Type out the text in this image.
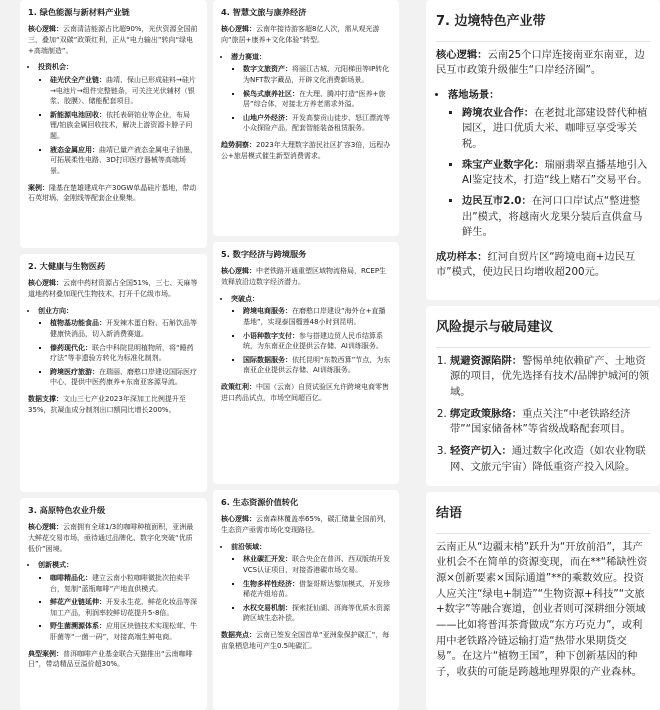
1. 绿色能源与新材料产业链

核心逻辑：云南清洁能源占比超90%，光伏资源全国前三，叠加“双碳”政策红利，正从“电力输出”转向“绿电+高端制造”。

• 投资机会：
▪ 硅光伏全产业链：曲靖、保山已形成硅料→硅片→电池片→组件完整链条，可关注光伏辅材（银浆、胶膜）、储能配套项目。
▪ 新能源电池回收：依托表研铂业等企业，布局锂/铂族金属回收技术，解决上游资源卡脖子问题。
▪ 液态金属应用：曲靖已量产液态金属电子油墨，可拓展柔性电路、3D打印医疗器械等高端场景。

案例：隆基在楚雄建成年产30GW单晶硅片基地，带动石英坩埚、金刚线等配套企业聚集。

2. 大健康与生物医药

核心逻辑：云南中药材资源占全国51%，三七、天麻等道地药材叠加现代生物技术，打开千亿级市场。

• 创业方向：
▪ 植物基功能食品：开发辣木蛋白粉、石斛饮品等健康快消品，切入新消费赛道。
▪ 傣药现代化：联合中科院昆明植物所，将“睡药疗法”等非遗验方转化为标准化制剂。
▪ 跨境医疗旅游：在瑞丽、磨憨口岸建设国际医疗中心，提供中医药康养+东南亚客源导流。

数据支撑：文山三七产业2023年深加工比例提升至35%，抗凝血成分制剂出口额同比增长200%。

3. 高原特色农业升级

核心逻辑：云南拥有全球1/3的咖啡种植面积，亚洲最大鲜花交易市场，亟待通过品牌化、数字化突破“优质低价”困境。

• 创新模式：
▪ 咖啡精品化：建立云南小粒咖啡微批次拍卖平台，复制“蓝瓶咖啡”产地直供模式。
▪ 鲜花产业链延伸：开发永生花、鲜花化妆品等深加工产品，利润率较鲜切花提升5-8倍。
▪ 野生菌溯源体系：应用区块链技术实现松茸、牛肝菌等“一菌一码”，对接高端生鲜电商。

典型案例：普洱咖啡产业基金联合天猫推出“云南咖啡日”，带动精品豆溢价超30%。

4. 智慧文旅与康养经济

核心逻辑：云南年接待游客超8亿人次，需从观光游向“旅居+康养+文化体验”转型。

• 潜力赛道：
▪ 数字文旅资产：将丽江古城、元阳梯田等IP转化为NFT数字藏品，开辟文化消费新场景。
▪ 候鸟式康养社区：在大理、腾冲打造“医养+旅居”综合体，对接北方养老需求外溢。
▪ 山地户外经济：开发高黎贡山徒步、怒江漂流等小众探险产品，配套智能装备租赁服务。

趋势洞察：2023年大理数字游民社区扩容3倍，远程办公+旅居模式催生新型消费需求。

5. 数字经济与跨境服务

核心逻辑：中老铁路开通重塑区域物流格局，RCEP生效释放沿边数字经济潜力。

• 突破点：
▪ 跨境电商服务：在磨憨口岸建设“海外仓+直播基地”，实现泰国榴莲48小时到昆明。
▪ 小语种数字支付：参与搭建边贸人民币结算系统，为东南亚企业提供云存储、AI训练服务。
▪ 国际数据服务：依托昆明“东数西算”节点，为东南亚企业提供云存储、AI训练服务。

政策红利：中国（云南）自贸试验区允许跨境电商零售进口药品试点，市场空间超百亿。

6. 生态资源价值转化

核心逻辑：云南森林覆盖率65%，碳汇储量全国前列，生态资产亟需市场化变现路径。

• 前沿领域：
▪ 林业碳汇开发：联合央企在普洱、西双版纳开发VCS认证项目，对接香港碳市场交易。
▪ 生物多样性经济：借鉴哥斯达黎加模式，开发珍稀花卉组培苗。
▪ 水权交易机制：探索抚仙湖、洱海等优质水资源跨区域生态补偿。

数据亮点：云南已签发全国首单“亚洲象保护碳汇”，每亩象栖息地可产生0.5吨碳汇。

7. 边境特色产业带

核心逻辑：云南25个口岸连接南亚东南亚，边民互市政策升级催生“口岸经济圈”。

• 落地场景：
▪ 跨境农业合作：在老挝北部建设替代种植园区，进口优质大米、咖啡豆享受零关税。
▪ 珠宝产业数字化：瑞丽翡翠直播基地引入AI鉴定技术，打造“线上赌石”交易平台。
▪ 边民互市2.0：在河口口岸试点“整进整出”模式，将越南火龙果分装后直供盒马鲜生。

成功样本：红河自贸片区“跨境电商+边民互市”模式，使边民日均增收超200元。

风险提示与破局建议
1. 规避资源陷阱：警惕单纯依赖矿产、土地资源的项目，优先选择有技术/品牌护城河的领域。
2. 绑定政策脉络：重点关注“中老铁路经济带”“国家储备林”等省级战略配套项目。
3. 轻资产切入：通过数字化改造（如农业物联网、文旅元宇宙）降低重资产投入风险。
结语

云南正从“边疆末梢”跃升为“开放前沿”，其产业机会不在简单的资源变现，而在**“稀缺性资源×创新要素×国际通道”**的乘数效应。投资人应关注“绿电+制造”“生物资源+科技”“文旅+数字”等融合赛道，创业者则可深耕细分领域——比如将普洱茶膏做成“东方巧克力”，或利用中老铁路冷链运输打造“热带水果期货交易”。在这片“植物王国”，种下创新基因的种子，收获的可能是跨越地理界限的产业森林。
